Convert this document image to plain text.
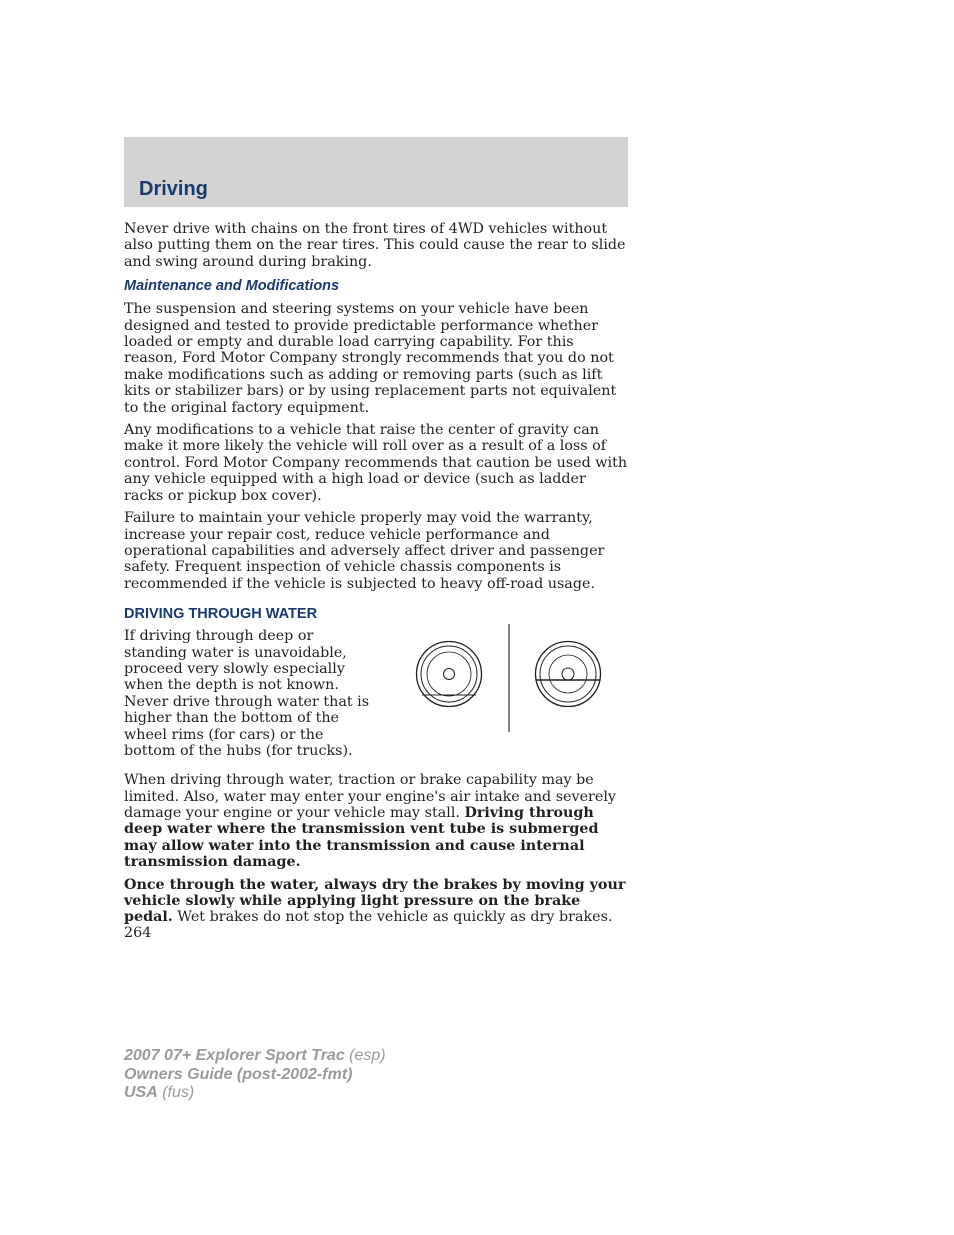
Driving

Never drive with chains on the front tires of 4WD vehicles without also putting them on the rear tires. This could cause the rear to slide and swing around during braking.

Maintenance and Modifications

The suspension and steering systems on your vehicle have been designed and tested to provide predictable performance whether loaded or empty and durable load carrying capability. For this reason, Ford Motor Company strongly recommends that you do not make modifications such as adding or removing parts (such as lift kits or stabilizer bars) or by using replacement parts not equivalent to the original factory equipment.

Any modifications to a vehicle that raise the center of gravity can make it more likely the vehicle will roll over as a result of a loss of control. Ford Motor Company recommends that caution be used with any vehicle equipped with a high load or device (such as ladder racks or pickup box cover).

Failure to maintain your vehicle properly may void the warranty, increase your repair cost, reduce vehicle performance and operational capabilities and adversely affect driver and passenger safety. Frequent inspection of vehicle chassis components is recommended if the vehicle is subjected to heavy off-road usage.

DRIVING THROUGH WATER

If driving through deep or standing water is unavoidable, proceed very slowly especially when the depth is not known. Never drive through water that is higher than the bottom of the wheel rims (for cars) or the bottom of the hubs (for trucks).

When driving through water, traction or brake capability may be limited. Also, water may enter your engine's air intake and severely damage your engine or your vehicle may stall. Driving through deep water where the transmission vent tube is submerged may allow water into the transmission and cause internal transmission damage.

Once through the water, always dry the brakes by moving your vehicle slowly while applying light pressure on the brake pedal. Wet brakes do not stop the vehicle as quickly as dry brakes.

264
2007 07+ Explorer Sport Trac (esp)
Owners Guide (post-2002-fmt)
USA (fus)
